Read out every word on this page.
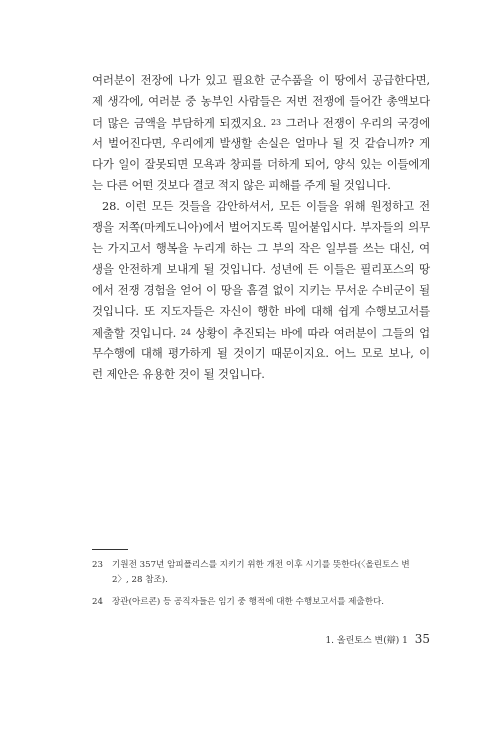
여러분이 전장에 나가 있고 필요한 군수품을 이 땅에서 공급한다면,
제 생각에, 여러분 중 농부인 사람들은 저번 전쟁에 들어간 총액보다
더 많은 금액을 부담하게 되겠지요. $^{23}$ 그러나 전쟁이 우리의 국경에
서 벌어진다면, 우리에게 발생할 손실은 얼마나 될 것 같습니까? 게
다가 일이 잘못되면 모욕과 창피를 더하게 되어, 양식 있는 이들에게
는 다른 어떤 것보다 결코 적지 않은 피해를 주게 될 것입니다.
28. 이런 모든 것들을 감안하셔서, 모든 이들을 위해 원정하고 전
쟁을 저쪽(마케도니아)에서 벌어지도록 밀어붙입시다. 부자들의 의무
는 가지고서 행복을 누리게 하는 그 부의 작은 일부를 쓰는 대신, 여
생을 안전하게 보내게 될 것입니다. 성년에 든 이들은 필리포스의 땅
에서 전쟁 경험을 얻어 이 땅을 흠결 없이 지키는 무서운 수비군이 될
것입니다. 또 지도자들은 자신이 행한 바에 대해 쉽게 수행보고서를
제출할 것입니다. $^{24}$ 상황이 추진되는 바에 따라 여러분이 그들의 업
무수행에 대해 평가하게 될 것이기 때문이지요. 어느 모로 보나, 이
런 제안은 유용한 것이 될 것입니다.
23 기원전 357년 암피폴리스를 지키기 위한 개전 이후 시기를 뜻한다(〈올린토스 변
2〉, 28 참조).
24 장관(아르콘) 등 공직자들은 임기 중 행적에 대한 수행보고서를 제출한다.
1. 올린토스 변(辯) 1 35
